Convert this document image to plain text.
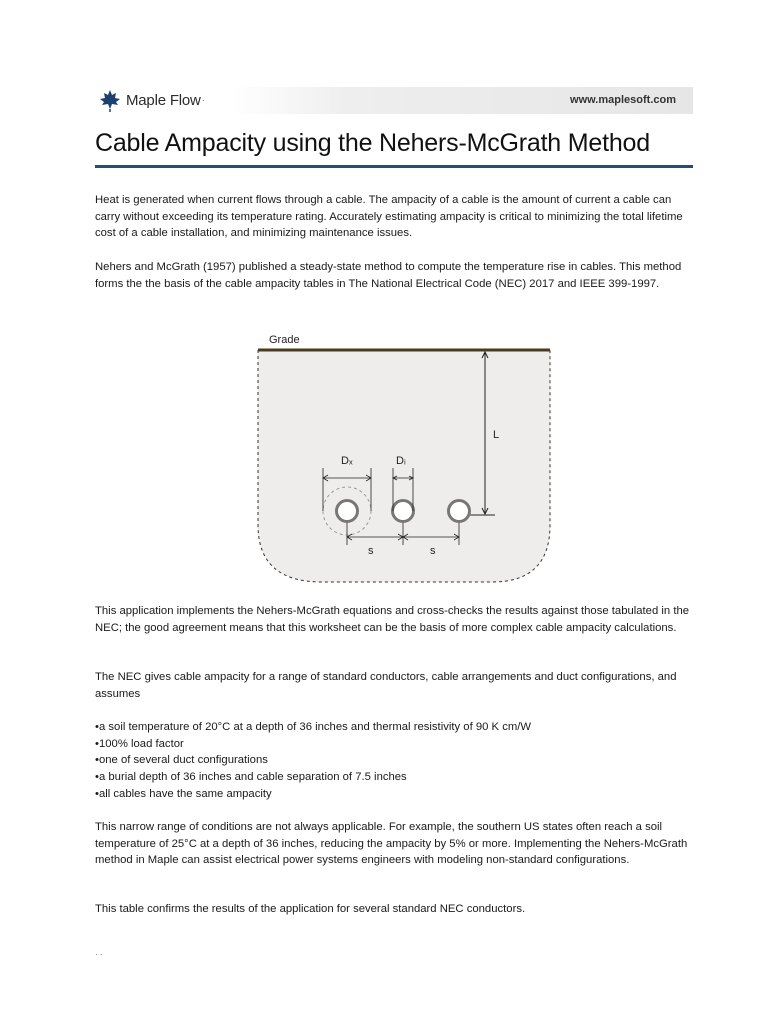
Maple Flow ·	www.maplesoft.com
Cable Ampacity using the Nehers-McGrath Method

Heat is generated when current flows through a cable. The ampacity of a cable is the amount of current a cable can carry without exceeding its temperature rating. Accurately estimating ampacity is critical to minimizing the total lifetime cost of a cable installation, and minimizing maintenance issues.

Nehers and McGrath (1957) published a steady-state method to compute the temperature rise in cables. This method forms the the basis of the cable ampacity tables in The National Electrical Code (NEC) 2017 and IEEE 399-1997.

Grade
L
Dₓ	Dᵢ
s	s

This application implements the Nehers-McGrath equations and cross-checks the results against those tabulated in the NEC; the good agreement means that this worksheet can be the basis of more complex cable ampacity calculations.

The NEC gives cable ampacity for a range of standard conductors, cable arrangements and duct configurations, and assumes

• a soil temperature of 20°C at a depth of 36 inches and thermal resistivity of 90 K cm/W
• 100% load factor
• one of several duct configurations
• a burial depth of 36 inches and cable separation of 7.5 inches
• all cables have the same ampacity

This narrow range of conditions are not always applicable. For example, the southern US states often reach a soil temperature of 25°C at a depth of 36 inches, reducing the ampacity by 5% or more. Implementing the Nehers-McGrath method in Maple can assist electrical power systems engineers with modeling non-standard configurations.

This table confirms the results of the application for several standard NEC conductors.

· ·
